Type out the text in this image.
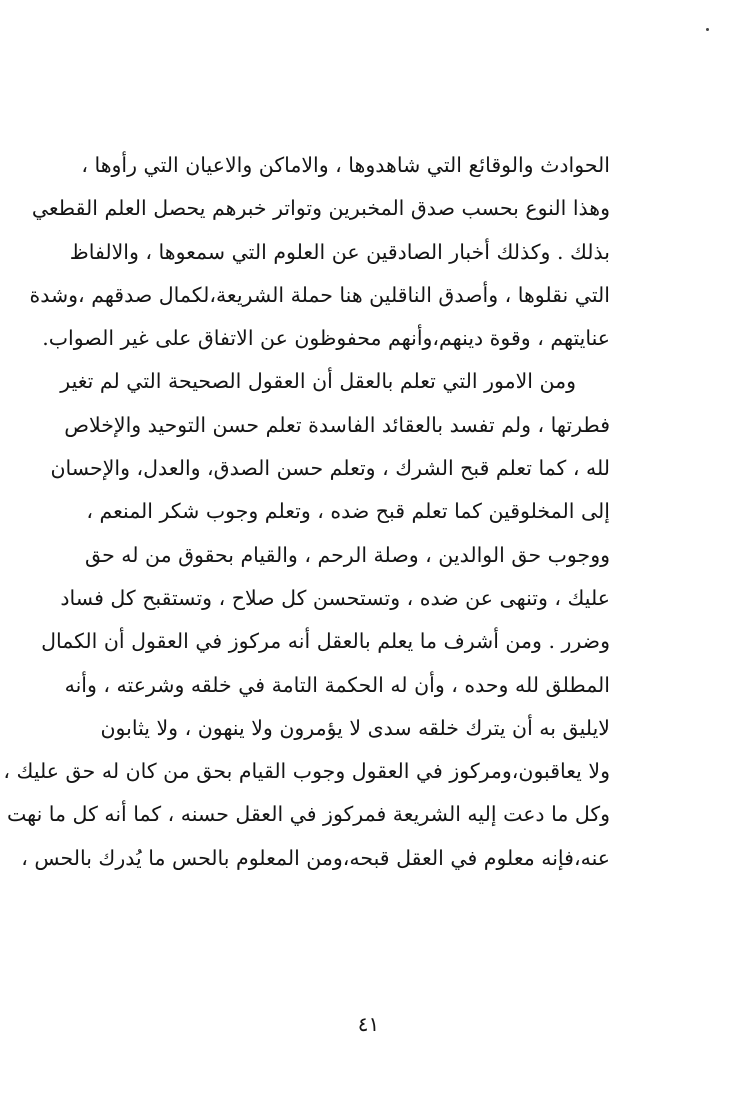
الحوادث والوقائع التي شاهدوها ، والاماكن والاعيان التي رأوها ،
وهذا النوع بحسب صدق المخبرين وتواتر خبرهم يحصل العلم القطعي
بذلك . وكذلك أخبار الصادقين عن العلوم التي سمعوها ، والالفاظ
التي نقلوها ، وأصدق الناقلين هنا حملة الشريعة،لكمال صدقهم ،وشدة
عنايتهم ، وقوة دينهم،وأنهم محفوظون عن الاتفاق على غير الصواب.
ومن الامور التي تعلم بالعقل أن العقول الصحيحة التي لم تغير
فطرتها ، ولم تفسد بالعقائد الفاسدة تعلم حسن التوحيد والإخلاص
لله ، كما تعلم قبح الشرك ، وتعلم حسن الصدق، والعدل، والإحسان
إلى المخلوقين كما تعلم قبح ضده ، وتعلم وجوب شكر المنعم ،
ووجوب حق الوالدين ، وصلة الرحم ، والقيام بحقوق من له حق
عليك ، وتنهى عن ضده ، وتستحسن كل صلاح ، وتستقبح كل فساد
وضرر . ومن أشرف ما يعلم بالعقل أنه مركوز في العقول أن الكمال
المطلق لله وحده ، وأن له الحكمة التامة في خلقه وشرعته ، وأنه
لايليق به أن يترك خلقه سدى لا يؤمرون ولا ينهون ، ولا يثابون
ولا يعاقبون،ومركوز في العقول وجوب القيام بحق من كان له حق عليك ،
وكل ما دعت إليه الشريعة فمركوز في العقل حسنه ، كما أنه كل ما نهت
عنه،فإنه معلوم في العقل قبحه،ومن المعلوم بالحس ما يُدرك بالحس ،
٤١
